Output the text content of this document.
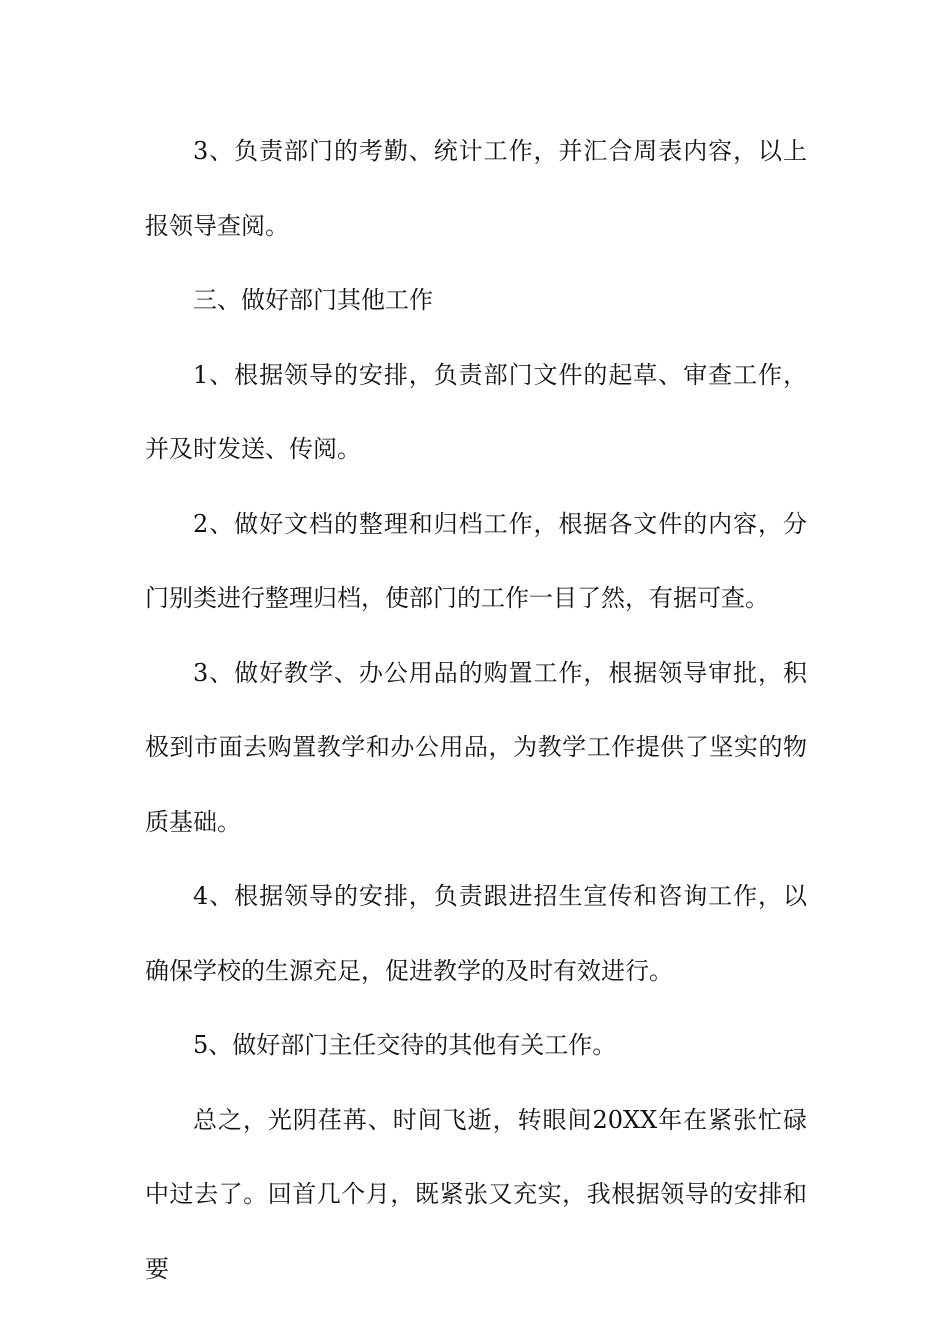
3、负责部门的考勤、统计工作，并汇合周表内容，以上报领导查阅。

三、做好部门其他工作

1、根据领导的安排，负责部门文件的起草、审查工作，并及时发送、传阅。

2、做好文档的整理和归档工作，根据各文件的内容，分门别类进行整理归档，使部门的工作一目了然，有据可查。

3、做好教学、办公用品的购置工作，根据领导审批，积极到市面去购置教学和办公用品，为教学工作提供了坚实的物质基础。

4、根据领导的安排，负责跟进招生宣传和咨询工作，以确保学校的生源充足，促进教学的及时有效进行。

5、做好部门主任交待的其他有关工作。

总之，光阴荏苒、时间飞逝，转眼间20XX年在紧张忙碌中过去了。回首几个月，既紧张又充实，我根据领导的安排和要
